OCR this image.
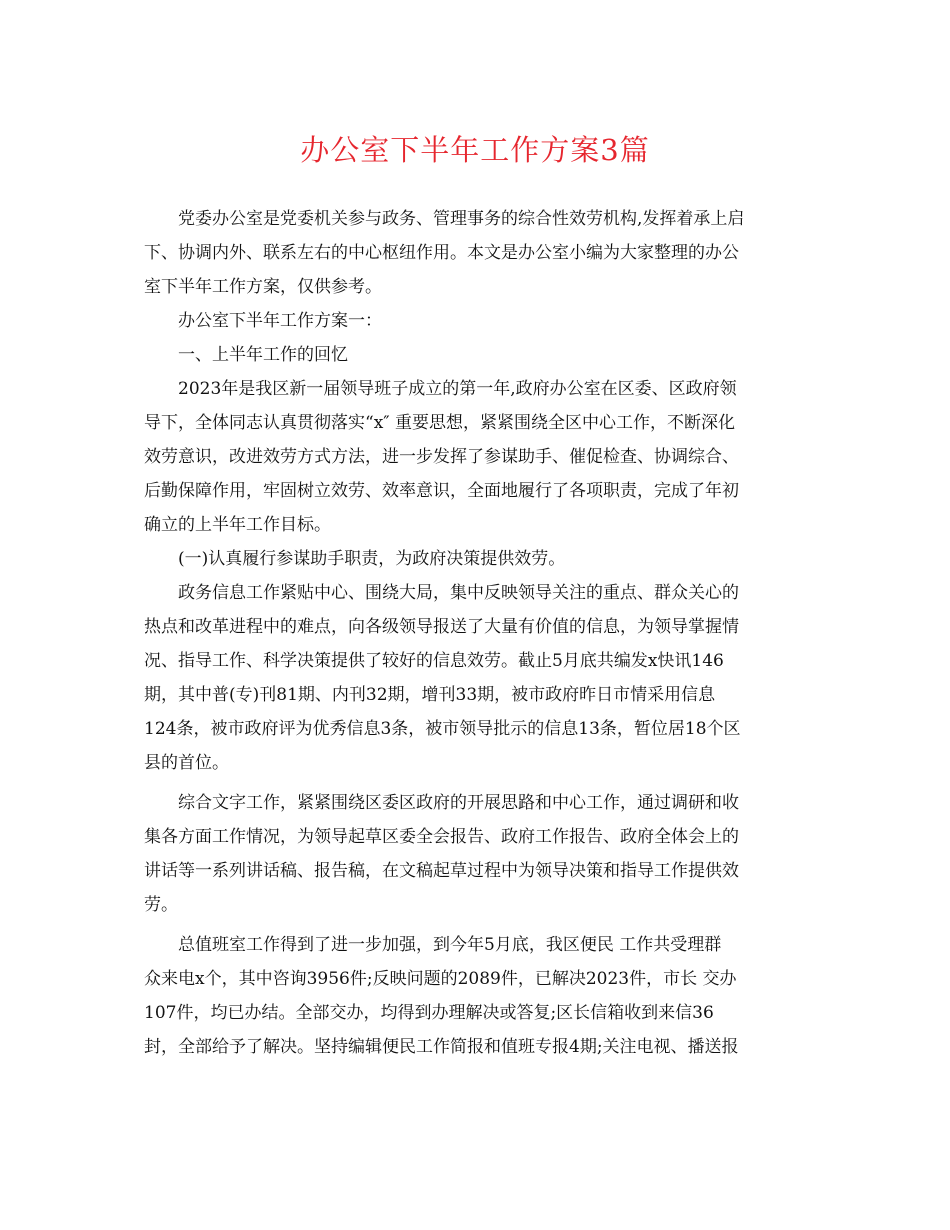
办公室下半年工作方案3篇
党委办公室是党委机关参与政务、管理事务的综合性效劳机构,发挥着承上启
下、协调内外、联系左右的中心枢纽作用。本文是办公室小编为大家整理的办公
室下半年工作方案，仅供参考。
办公室下半年工作方案一：
一、上半年工作的回忆
2023年是我区新一届领导班子成立的第一年,政府办公室在区委、区政府领
导下，全体同志认真贯彻落实“x″ 重要思想，紧紧围绕全区中心工作，不断深化
效劳意识，改进效劳方式方法，进一步发挥了参谋助手、催促检查、协调综合、
后勤保障作用，牢固树立效劳、效率意识，全面地履行了各项职责，完成了年初
确立的上半年工作目标。
(一)认真履行参谋助手职责，为政府决策提供效劳。
政务信息工作紧贴中心、围绕大局，集中反映领导关注的重点、群众关心的
热点和改革进程中的难点，向各级领导报送了大量有价值的信息，为领导掌握情
况、指导工作、科学决策提供了较好的信息效劳。截止5月底共编发x快讯146
期，其中普(专)刊81期、内刊32期，增刊33期，被市政府昨日市情采用信息
124条，被市政府评为优秀信息3条，被市领导批示的信息13条，暂位居18个区
县的首位。
综合文字工作，紧紧围绕区委区政府的开展思路和中心工作，通过调研和收
集各方面工作情况，为领导起草区委全会报告、政府工作报告、政府全体会上的
讲话等一系列讲话稿、报告稿，在文稿起草过程中为领导决策和指导工作提供效
劳。
总值班室工作得到了进一步加强，到今年5月底，我区便民 工作共受理群
众来电x个，其中咨询3956件;反映问题的2089件，已解决2023件，市长 交办
107件，均已办结。全部交办，均得到办理解决或答复;区长信箱收到来信36
封，全部给予了解决。坚持编辑便民工作简报和值班专报4期;关注电视、播送报
